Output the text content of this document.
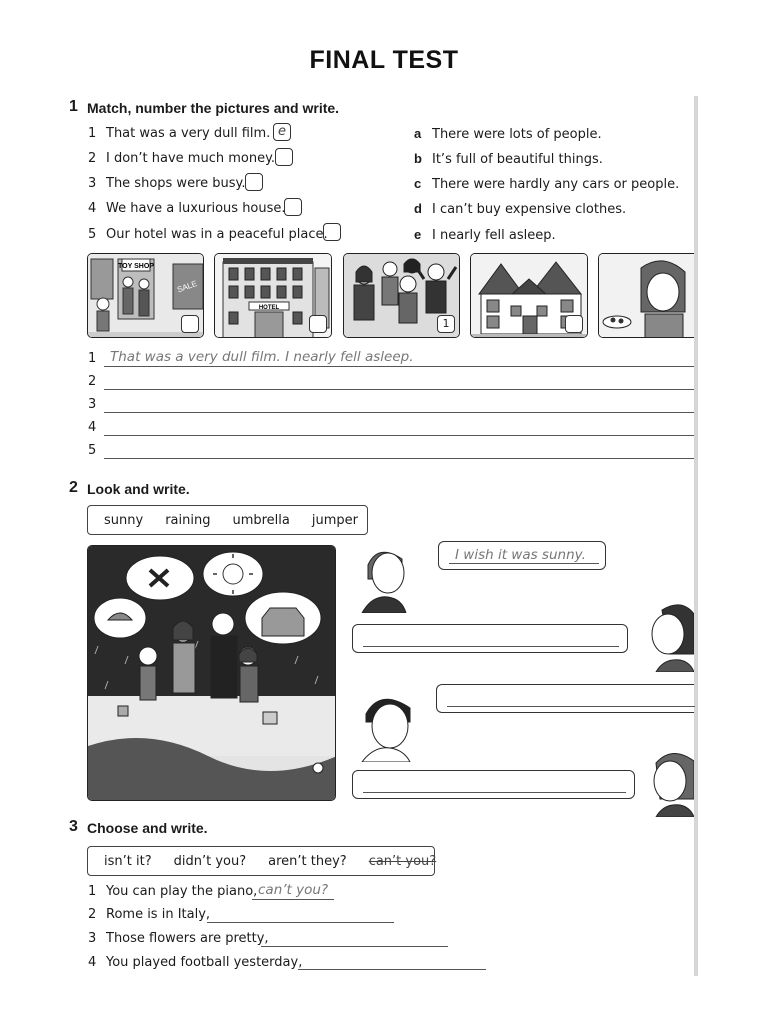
FINAL TEST
1 Match, number the pictures and write.
1 That was a very dull film. e
2 I don’t have much money.
3 The shops were busy.
4 We have a luxurious house.
5 Our hotel was in a peaceful place.
a There were lots of people.
b It’s full of beautiful things.
c There were hardly any cars or people.
d I can’t buy expensive clothes.
e I nearly fell asleep.
TOY SHOP
SALE
HOTEL
1
1 That was a very dull film. I nearly fell asleep.
2
3
4
5
2 Look and write.
sunny raining umbrella jumper
I wish it was sunny.
3 Choose and write.
isn’t it? didn’t you? aren’t they? can’t you?
1 You can play the piano, can’t you?
2 Rome is in Italy,
3 Those flowers are pretty,
4 You played football yesterday,
